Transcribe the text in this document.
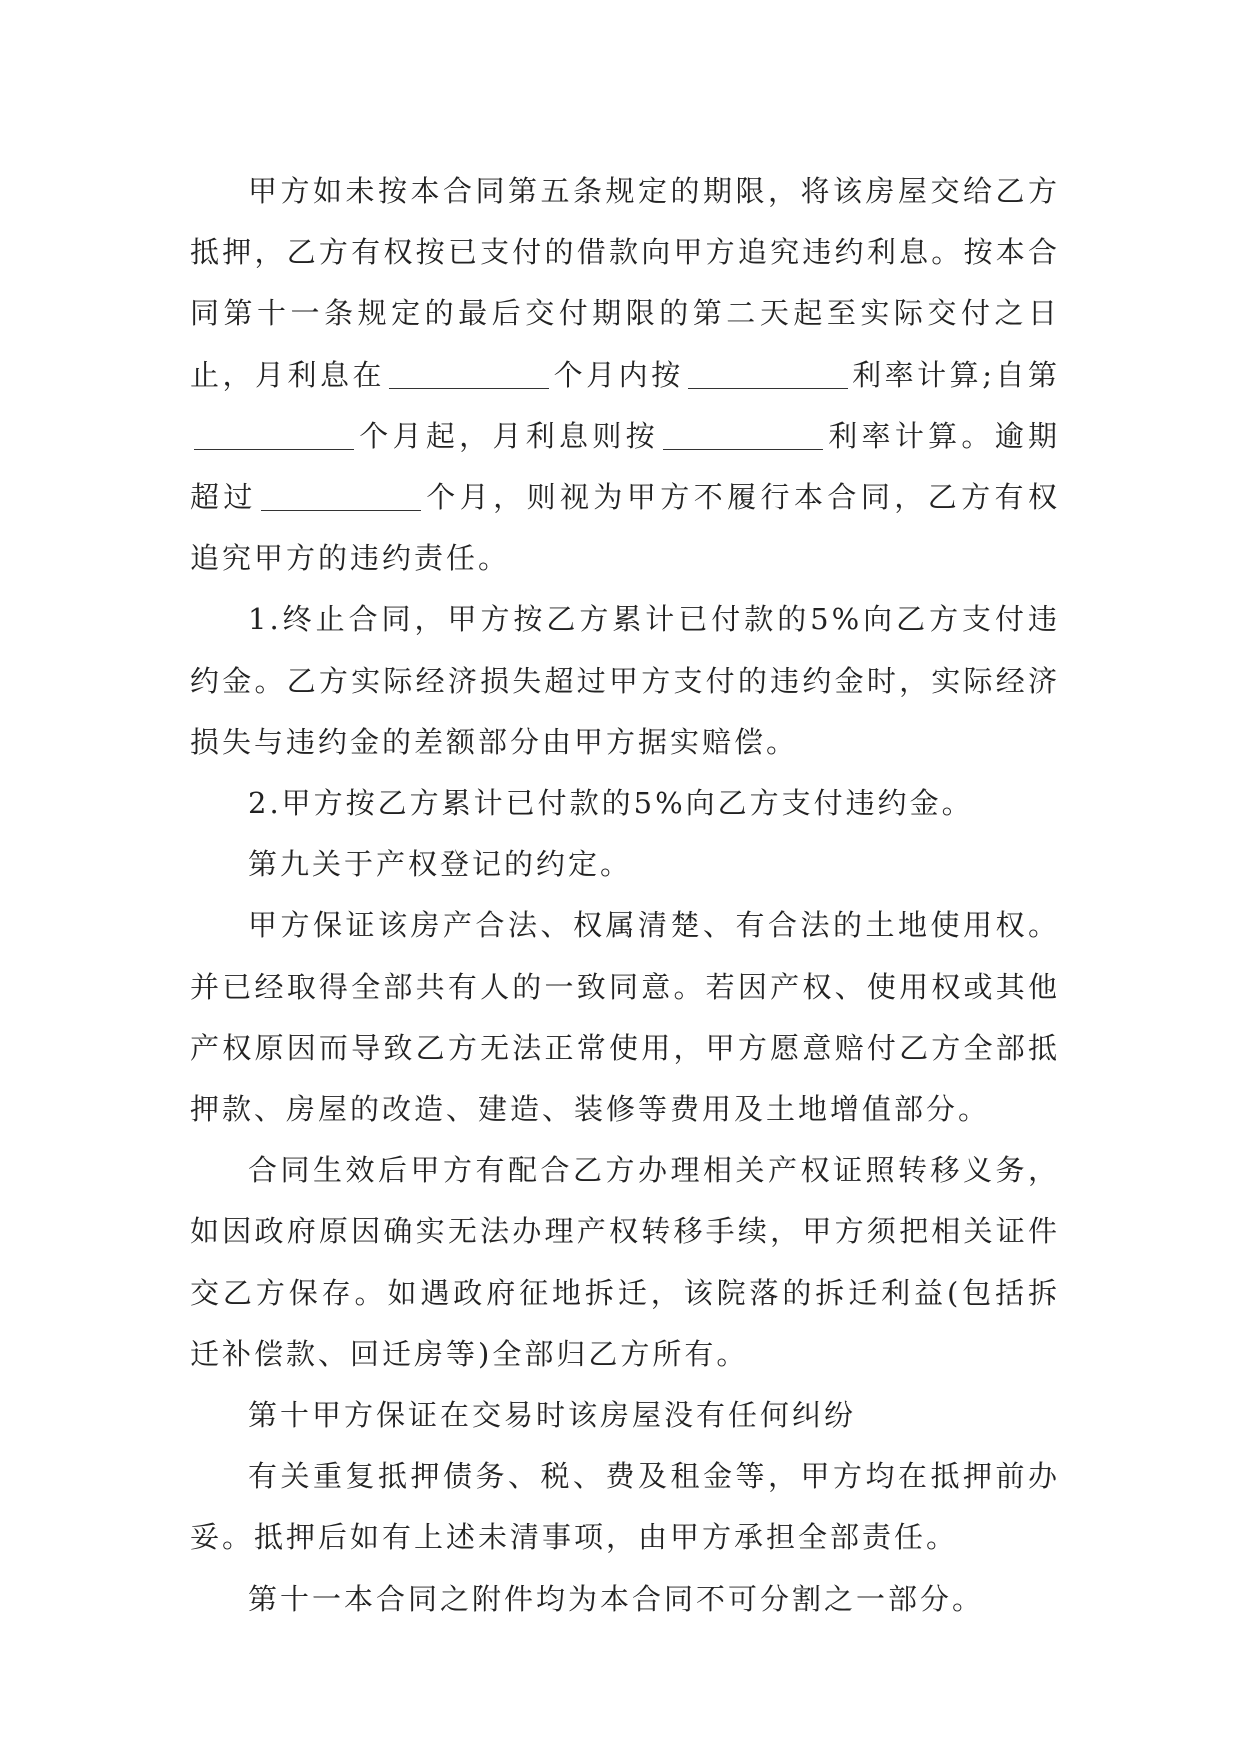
甲方如未按本合同第五条规定的期限，将该房屋交给乙方抵押，乙方有权按已支付的借款向甲方追究违约利息。按本合同第十一条规定的最后交付期限的第二天起至实际交付之日止，月利息在	个月内按	利率计算;自第个月起，月利息则按	利率计算。逾期超过	个月，则视为甲方不履行本合同，乙方有权追究甲方的违约责任。

1.终止合同，甲方按乙方累计已付款的5%向乙方支付违约金。乙方实际经济损失超过甲方支付的违约金时，实际经济损失与违约金的差额部分由甲方据实赔偿。

2.甲方按乙方累计已付款的5%向乙方支付违约金。

第九关于产权登记的约定。

甲方保证该房产合法、权属清楚、有合法的土地使用权。并已经取得全部共有人的一致同意。若因产权、使用权或其他产权原因而导致乙方无法正常使用，甲方愿意赔付乙方全部抵押款、房屋的改造、建造、装修等费用及土地增值部分。

合同生效后甲方有配合乙方办理相关产权证照转移义务，如因政府原因确实无法办理产权转移手续，甲方须把相关证件交乙方保存。如遇政府征地拆迁，该院落的拆迁利益(包括拆迁补偿款、回迁房等)全部归乙方所有。

第十甲方保证在交易时该房屋没有任何纠纷

有关重复抵押债务、税、费及租金等，甲方均在抵押前办妥。抵押后如有上述未清事项，由甲方承担全部责任。

第十一本合同之附件均为本合同不可分割之一部分。
